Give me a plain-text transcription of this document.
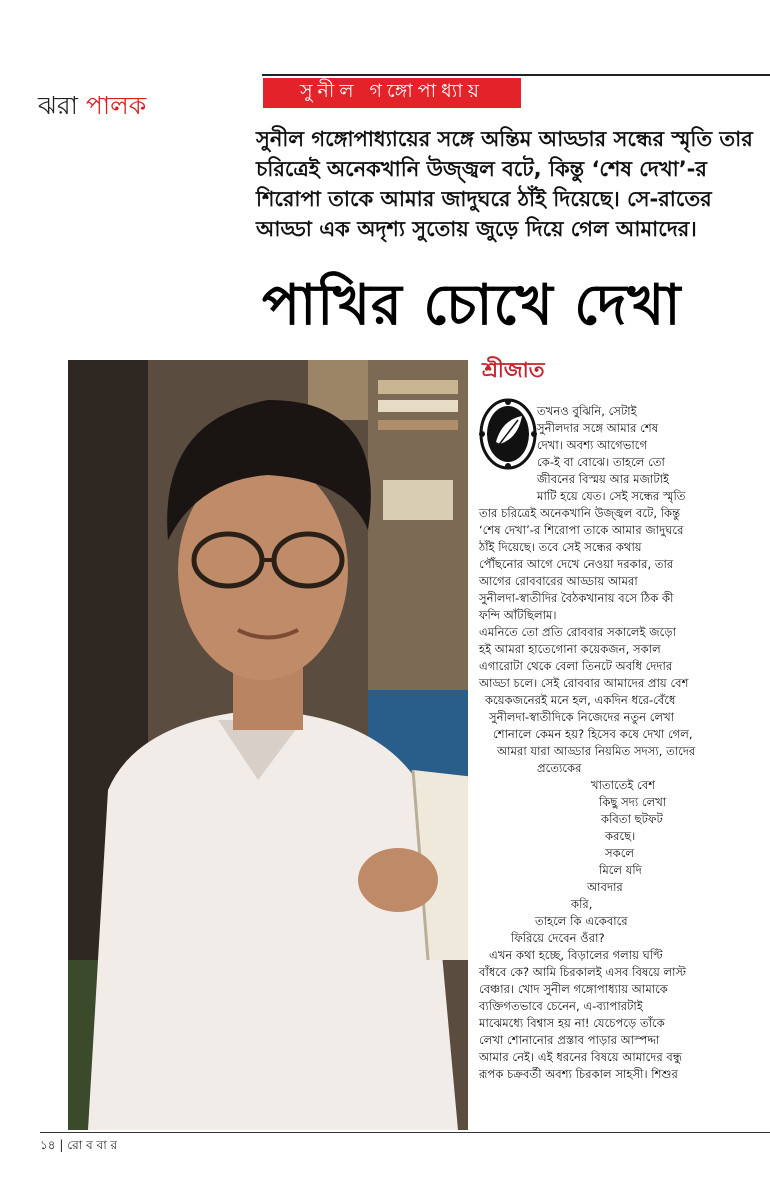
ঝরা পালক	সুনীল গঙ্গোপাধ্যায়
সুনীল গঙ্গোপাধ্যায়ের সঙ্গে অন্তিম আড্ডার সন্ধের স্মৃতি তার
চরিত্রেই অনেকখানি উজ্জ্বল বটে, কিন্তু ‘শেষ দেখা’-র
শিরোপা তাকে আমার জাদুঘরে ঠাঁই দিয়েছে। সে-রাতের
আড্ডা এক অদৃশ্য সুতোয় জুড়ে দিয়ে গেল আমাদের।
পাখির চোখে দেখা
শ্রীজাত
তখনও বুঝিনি, সেটাই
সুনীলদার সঙ্গে আমার শেষ
দেখা। অবশ্য আগেভাগে
কে-ই বা বোঝে। তাহলে তো
জীবনের বিস্ময় আর মজাটাই
মাটি হয়ে যেত। সেই সন্ধের স্মৃতি
তার চরিত্রেই অনেকখানি উজ্জ্বল বটে, কিন্তু
‘শেষ দেখা’-র শিরোপা তাকে আমার জাদুঘরে
ঠাঁই দিয়েছে। তবে সেই সন্ধের কথায়
পৌঁছনোর আগে দেখে নেওয়া দরকার, তার
আগের রোববারের আড্ডায় আমরা
সুনীলদা-স্বাতীদির বৈঠকখানায় বসে ঠিক কী
ফন্দি আঁটছিলাম।
এমনিতে তো প্রতি রোববার সকালেই জড়ো
হই আমরা হাতেগোনা কয়েকজন, সকাল
এগারোটা থেকে বেলা তিনটে অবধি দেদার
আড্ডা চলে। সেই রোববার আমাদের প্রায় বেশ
কয়েকজনেরই মনে হল, একদিন ধরে-বেঁধে
সুনীলদা-স্বাতীদিকে নিজেদের নতুন লেখা
শোনালে কেমন হয়? হিসেব কষে দেখা গেল,
আমরা যারা আড্ডার নিয়মিত সদস্য, তাদের
প্রত্যেকের
খাতাতেই বেশ
কিছু সদ্য লেখা
কবিতা ছটফট
করছে।
সকলে
মিলে যদি
আবদার
করি,
তাহলে কি একেবারে
ফিরিয়ে দেবেন ওঁরা?
এখন কথা হচ্ছে, বিড়ালের গলায় ঘণ্টি
বাঁধবে কে? আমি চিরকালই এসব বিষয়ে লাস্ট
বেঞ্চার। খোদ সুনীল গঙ্গোপাধ্যায় আমাকে
ব্যক্তিগতভাবে চেনেন, এ-ব্যাপারটাই
মাঝেমধ্যে বিশ্বাস হয় না! যেচেপড়ে তাঁকে
লেখা শোনানোর প্রস্তাব পাড়ার আস্পদ্দা
আমার নেই। এই ধরনের বিষয়ে আমাদের বন্ধু
রূপক চক্রবর্তী অবশ্য চিরকাল সাহসী। শিশুর
১৪ | রো ব বা র
